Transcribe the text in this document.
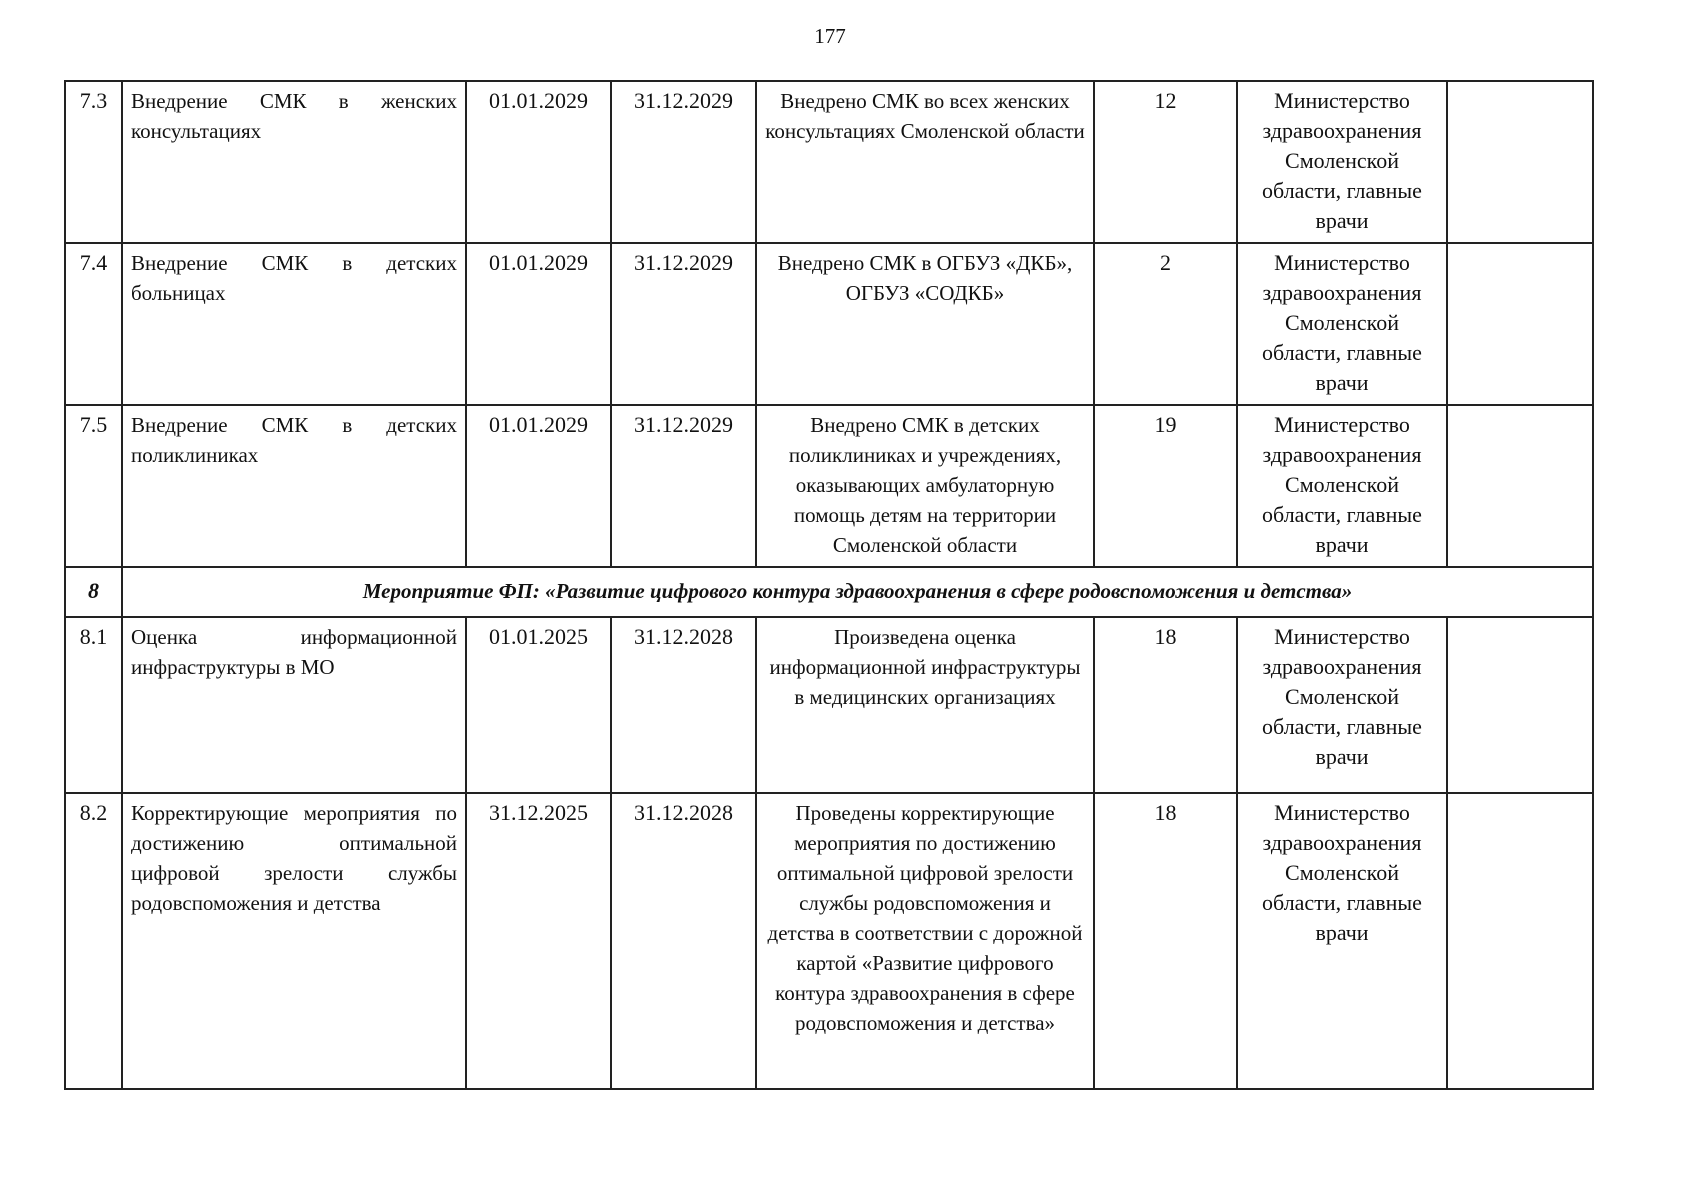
177
7.3	Внедрение СМК в женских консультациях	01.01.2029	31.12.2029	Внедрено СМК во всех женских консультациях Смоленской области	12	Министерство здравоохранения Смоленской области, главные врачи	
7.4	Внедрение СМК в детских больницах	01.01.2029	31.12.2029	Внедрено СМК в ОГБУЗ «ДКБ», ОГБУЗ «СОДКБ»	2	Министерство здравоохранения Смоленской области, главные врачи	
7.5	Внедрение СМК в детских поликлиниках	01.01.2029	31.12.2029	Внедрено СМК в детских поликлиниках и учреждениях, оказывающих амбулаторную помощь детям на территории Смоленской области	19	Министерство здравоохранения Смоленской области, главные врачи	
8	Мероприятие ФП: «Развитие цифрового контура здравоохранения в сфере родовспоможения и детства»						
8.1	Оценка информационной инфраструктуры в МО	01.01.2025	31.12.2028	Произведена оценка информационной инфраструктуры в медицинских организациях	18	Министерство здравоохранения Смоленской области, главные врачи	
8.2	Корректирующие мероприятия по достижению оптимальной цифровой зрелости службы родовспоможения и детства	31.12.2025	31.12.2028	Проведены корректирующие мероприятия по достижению оптимальной цифровой зрелости службы родовспоможения и детства в соответствии с дорожной картой «Развитие цифрового контура здравоохранения в сфере родовспоможения и детства»	18	Министерство здравоохранения Смоленской области, главные врачи	
